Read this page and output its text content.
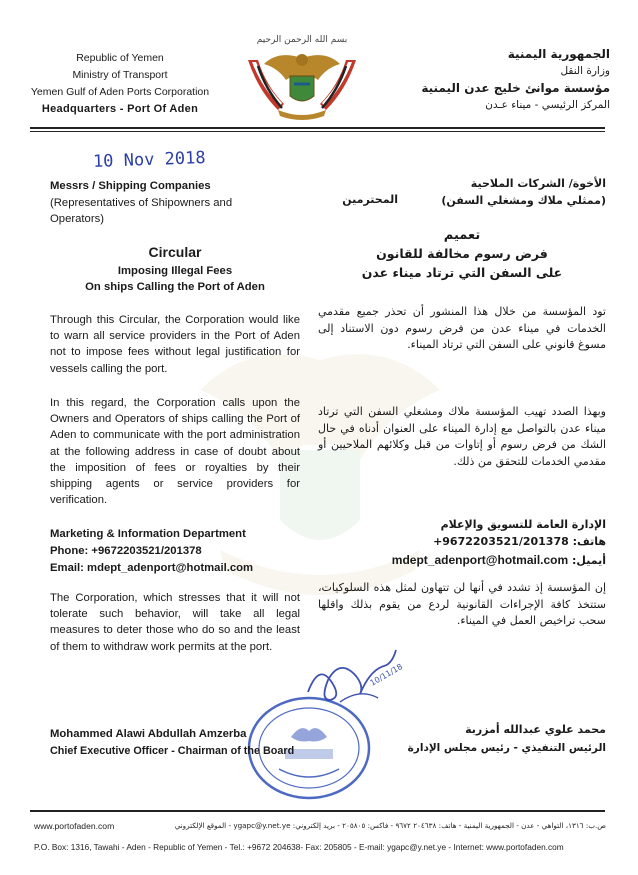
Republic of Yemen
Ministry of Transport
Yemen Gulf of Aden Ports Corporation
Headquarters - Port Of Aden
بسم الله الرحمن الرحيم
الجمهورية اليمنية
وزارة النقل
مؤسسة موانئ خليج عدن اليمنية
المركز الرئيسي - ميناء عـدن
10 Nov 2018
Messrs / Shipping Companies
(Representatives of Shipowners and Operators)
الأخوة/ الشركات الملاحية
(ممثلي ملاك ومشغلي السفن)
المحترمين
Circular
Imposing Illegal Fees
On ships Calling the Port of Aden
تعميم
فرض رسوم مخالفة للقانون
على السفن التي ترتاد ميناء عدن
Through this Circular, the Corporation would like to warn all service providers in the Port of Aden not to impose fees without legal justification for vessels calling the port.
In this regard, the Corporation calls upon the Owners and Operators of ships calling the Port of Aden to communicate with the port administration at the following address in case of doubt about the imposition of fees or royalties by their shipping agents or service providers for verification.
تود المؤسسة من خلال هذا المنشور أن تحذر جميع مقدمي الخدمات في ميناء عدن من فرض رسوم دون الاستناد إلى مسوغ قانوني على السفن التي ترتاد الميناء.
وبهذا الصدد تهيب المؤسسة ملاك ومشغلي السفن التي ترتاد ميناء عدن بالتواصل مع إدارة الميناء على العنوان أدناه في حال الشك من فرض رسوم أو إتاوات من قبل وكلائهم الملاحيين أو مقدمي الخدمات للتحقق من ذلك.
Marketing & Information Department
Phone: +9672203521/201378
Email: mdept_adenport@hotmail.com
الإدارة العامة للتسويق والإعلام
هاتف: +9672203521/201378
أيميل: mdept_adenport@hotmail.com
The Corporation, which stresses that it will not tolerate such behavior, will take all legal measures to deter those who do so and the least of them to withdraw work permits at the port.
إن المؤسسة إذ تشدد في أنها لن تتهاون لمثل هذه السلوكيات، ستتخذ كافة الإجراءات القانونية لردع من يقوم بذلك واقلها سحب تراخيص العمل في الميناء.
10/11/18
Mohammed Alawi Abdullah Amzerba
Chief Executive Officer - Chairman of the Board
محمد علوي عبدالله أمزربة
الرئيس التنفيذي - رئيس مجلس الإدارة
www.portofaden.com	ص.ب: ١٣١٦، التواهي - عدن - الجمهورية اليمنية - هاتف: ٢٠٤٦٣٨ ٩٦٧٢ - فاكس: ٢٠٥٨٠٥ - بريد إلكتروني: ygapc@y.net.ye - الموقع الإلكتروني
P.O. Box: 1316, Tawahi - Aden - Republic of Yemen - Tel.: +9672 204638- Fax: 205805 - E-mail: ygapc@y.net.ye - Internet: www.portofaden.com
